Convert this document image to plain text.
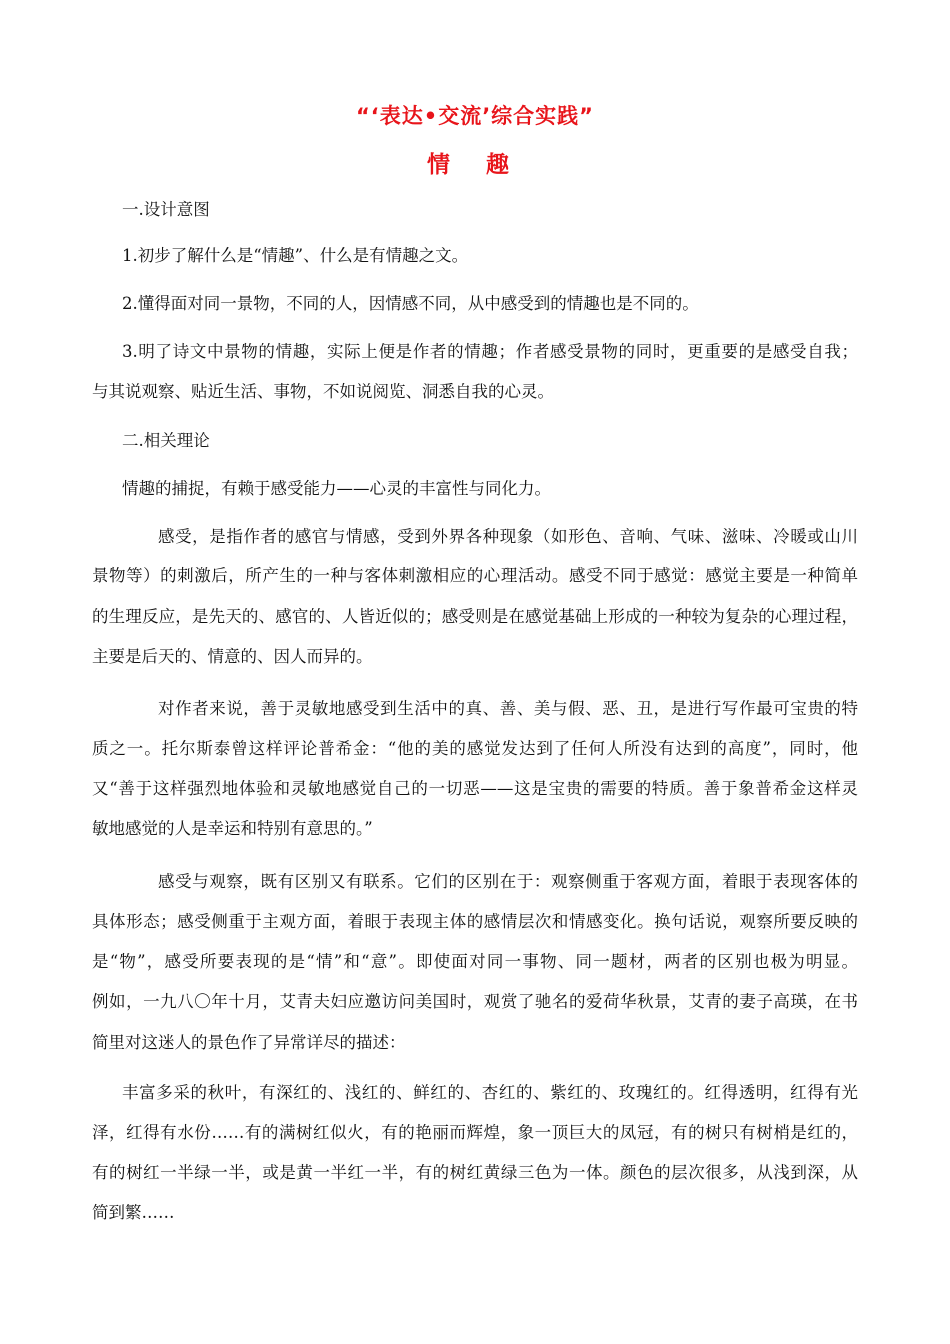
“‘表达•交流’综合实践”
情 趣
一.设计意图
1.初步了解什么是“情趣”、什么是有情趣之文。
2.懂得面对同一景物，不同的人，因情感不同，从中感受到的情趣也是不同的。
3.明了诗文中景物的情趣，实际上便是作者的情趣；作者感受景物的同时，更重要的是感受自我；
与其说观察、贴近生活、事物，不如说阅览、洞悉自我的心灵。
二.相关理论
情趣的捕捉，有赖于感受能力——心灵的丰富性与同化力。
感受，是指作者的感官与情感，受到外界各种现象（如形色、音响、气味、滋味、冷暖或山川
景物等）的刺激后，所产生的一种与客体刺激相应的心理活动。感受不同于感觉：感觉主要是一种简单
的生理反应，是先天的、感官的、人皆近似的；感受则是在感觉基础上形成的一种较为复杂的心理过程，
主要是后天的、情意的、因人而异的。
对作者来说，善于灵敏地感受到生活中的真、善、美与假、恶、丑，是进行写作最可宝贵的特
质之一。托尔斯泰曾这样评论普希金：“他的美的感觉发达到了任何人所没有达到的高度”，同时，他
又“善于这样强烈地体验和灵敏地感觉自己的一切恶——这是宝贵的需要的特质。善于象普希金这样灵
敏地感觉的人是幸运和特别有意思的。”
感受与观察，既有区别又有联系。它们的区别在于：观察侧重于客观方面，着眼于表现客体的
具体形态；感受侧重于主观方面，着眼于表现主体的感情层次和情感变化。换句话说，观察所要反映的
是“物”，感受所要表现的是“情”和“意”。即使面对同一事物、同一题材，两者的区别也极为明显。
例如，一九八〇年十月，艾青夫妇应邀访问美国时，观赏了驰名的爱荷华秋景，艾青的妻子高瑛，在书
简里对这迷人的景色作了异常详尽的描述：
丰富多采的秋叶，有深红的、浅红的、鲜红的、杏红的、紫红的、玫瑰红的。红得透明，红得有光
泽，红得有水份……有的满树红似火，有的艳丽而辉煌，象一顶巨大的凤冠，有的树只有树梢是红的，
有的树红一半绿一半，或是黄一半红一半，有的树红黄绿三色为一体。颜色的层次很多，从浅到深，从
简到繁……
